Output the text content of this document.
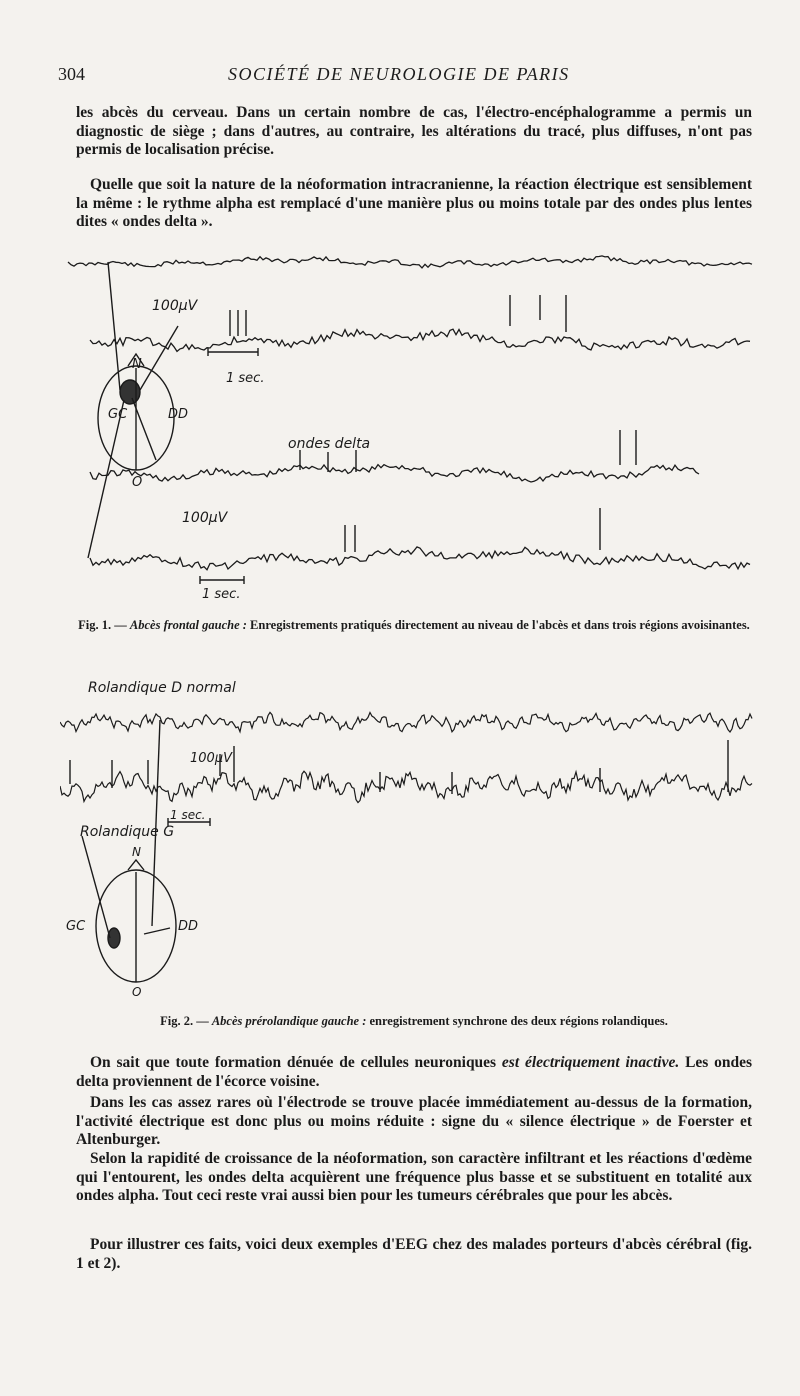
304	SOCIÉTÉ DE NEUROLOGIE DE PARIS

les abcès du cerveau. Dans un certain nombre de cas, l'électro-encéphalogramme a permis un diagnostic de siège ; dans d'autres, au contraire, les altérations du tracé, plus diffuses, n'ont pas permis de localisation précise.

Quelle que soit la nature de la néoformation intracranienne, la réaction électrique est sensiblement la même : le rythme alpha est remplacé d'une manière plus ou moins totale par des ondes plus lentes dites « ondes delta ».

GC	DD
N
O
100µV
1 sec.
ondes delta
100µV
1 sec.

Fig. 1. — Abcès frontal gauche : Enregistrements pratiqués directement au niveau de l'abcès et dans trois régions avoisinantes.

Rolandique D normal
100µV
1 sec.
Rolandique G
N
GC	DD
O

Fig. 2. — Abcès prérolandique gauche : enregistrement synchrone des deux régions rolandiques.

On sait que toute formation dénuée de cellules neuroniques est électriquement inactive. Les ondes delta proviennent de l'écorce voisine.

Dans les cas assez rares où l'électrode se trouve placée immédiatement au-dessus de la formation, l'activité électrique est donc plus ou moins réduite : signe du « silence électrique » de Foerster et Altenburger.

Selon la rapidité de croissance de la néoformation, son caractère infiltrant et les réactions d'œdème qui l'entourent, les ondes delta acquièrent une fréquence plus basse et se substituent en totalité aux ondes alpha. Tout ceci reste vrai aussi bien pour les tumeurs cérébrales que pour les abcès.

Pour illustrer ces faits, voici deux exemples d'EEG chez des malades porteurs d'abcès cérébral (fig. 1 et 2).
